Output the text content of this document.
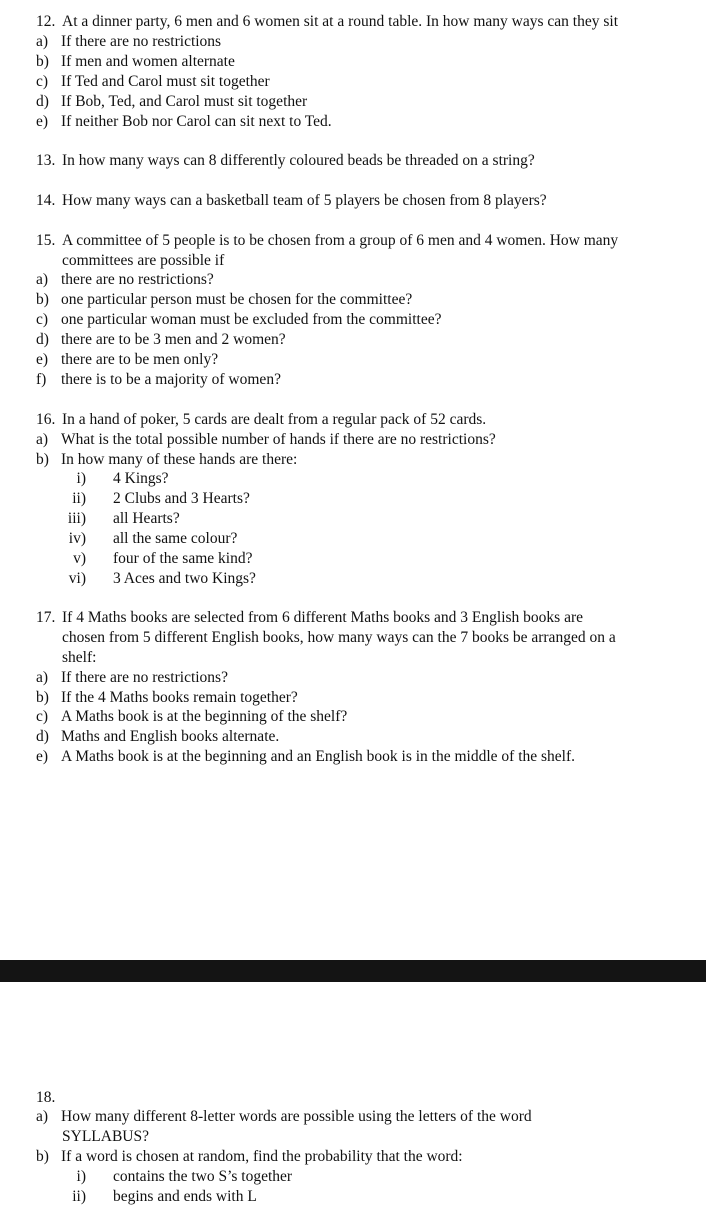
12. At a dinner party, 6 men and 6 women sit at a round table. In how many ways can they sit
a) If there are no restrictions
b) If men and women alternate
c) If Ted and Carol must sit together
d) If Bob, Ted, and Carol must sit together
e) If neither Bob nor Carol can sit next to Ted.
13. In how many ways can 8 differently coloured beads be threaded on a string?
14. How many ways can a basketball team of 5 players be chosen from 8 players?
15. A committee of 5 people is to be chosen from a group of 6 men and 4 women. How many
committees are possible if
a) there are no restrictions?
b) one particular person must be chosen for the committee?
c) one particular woman must be excluded from the committee?
d) there are to be 3 men and 2 women?
e) there are to be men only?
f) there is to be a majority of women?
16. In a hand of poker, 5 cards are dealt from a regular pack of 52 cards.
a) What is the total possible number of hands if there are no restrictions?
b) In how many of these hands are there:
i) 4 Kings?
ii) 2 Clubs and 3 Hearts?
iii) all Hearts?
iv) all the same colour?
v) four of the same kind?
vi) 3 Aces and two Kings?
17. If 4 Maths books are selected from 6 different Maths books and 3 English books are
chosen from 5 different English books, how many ways can the 7 books be arranged on a
shelf:
a) If there are no restrictions?
b) If the 4 Maths books remain together?
c) A Maths book is at the beginning of the shelf?
d) Maths and English books alternate.
e) A Maths book is at the beginning and an English book is in the middle of the shelf.
18.
a) How many different 8-letter words are possible using the letters of the word
SYLLABUS?
b) If a word is chosen at random, find the probability that the word:
i) contains the two S’s together
ii) begins and ends with L
